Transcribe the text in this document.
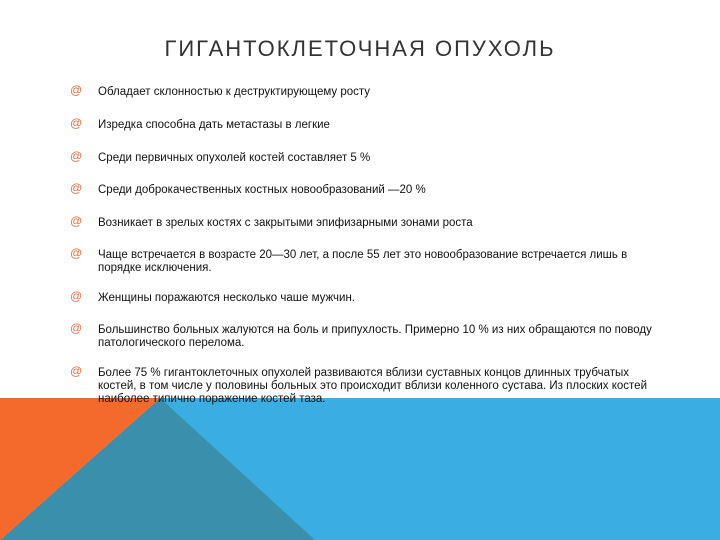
ГИГАНТОКЛЕТОЧНАЯ ОПУХОЛЬ
@ Обладает склонностью к деструктирующему росту
@ Изредка способна дать метастазы в легкие
@ Среди первичных опухолей костей составляет 5 %
@ Среди доброкачественных костных новообразований —20 %
@ Возникает в зрелых костях с закрытыми эпифизарными зонами роста
@ Чаще встречается в возрасте 20—30 лет, а после 55 лет это новообразование встречается лишь в порядке исключения.
@ Женщины поражаются несколько чаше мужчин.
@ Большинство больных жалуются на боль и припухлость. Примерно 10 % из них обращаются по поводу патологического перелома.
@ Более 75 % гигантоклеточных опухолей развиваются вблизи суставных концов длинных трубчатых костей, в том числе у половины больных это происходит вблизи коленного сустава. Из плоских костей наиболее типично поражение костей таза.
